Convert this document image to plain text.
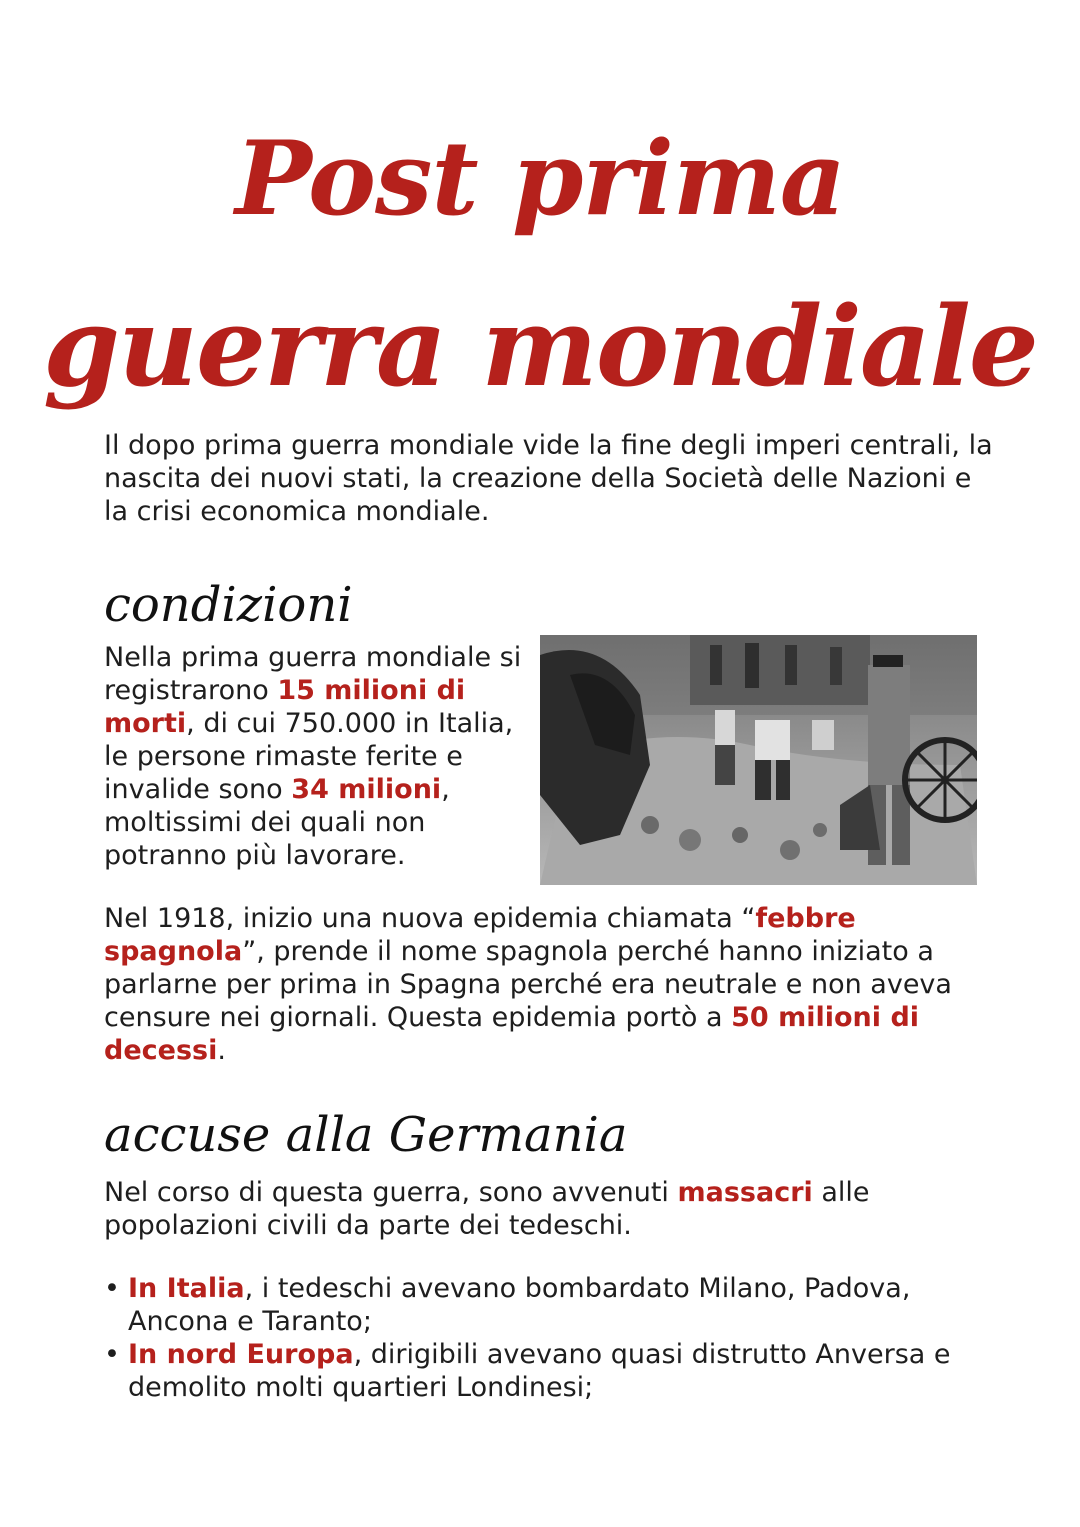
Post prima
guerra mondiale

Il dopo prima guerra mondiale vide la fine degli imperi centrali, la nascita dei nuovi stati, la creazione della Società delle Nazioni e la crisi economica mondiale.

condizioni

Nella prima guerra mondiale si registrarono 15 milioni di morti, di cui 750.000 in Italia, le persone rimaste ferite e invalide sono 34 milioni, moltissimi dei quali non potranno più lavorare.

Nel 1918, inizio una nuova epidemia chiamata “febbre spagnola”, prende il nome spagnola perché hanno iniziato a parlarne per prima in Spagna perché era neutrale e non aveva censure nei giornali. Questa epidemia portò a 50 milioni di decessi.

accuse alla Germania

Nel corso di questa guerra, sono avvenuti massacri alle popolazioni civili da parte dei tedeschi.

• In Italia, i tedeschi avevano bombardato Milano, Padova, Ancona e Taranto;
• In nord Europa, dirigibili avevano quasi distrutto Anversa e demolito molti quartieri Londinesi;
